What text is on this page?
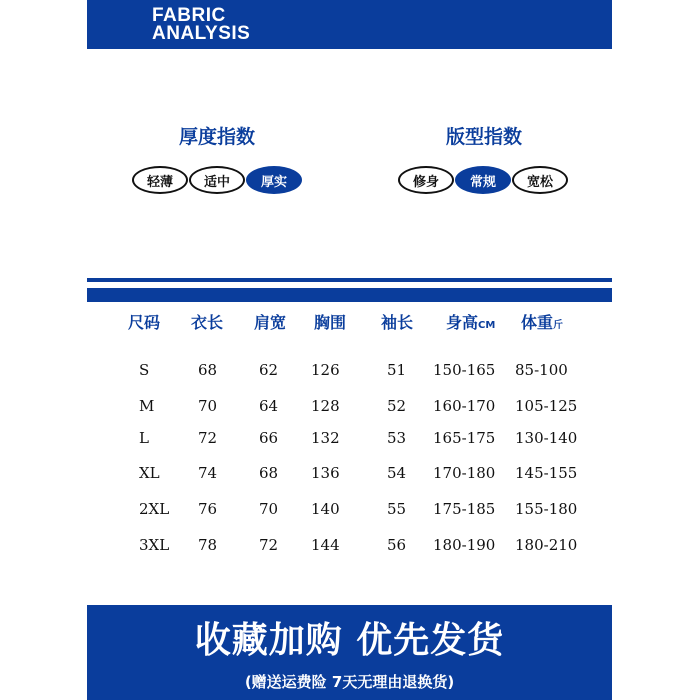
FABRIC
ANALYSIS
厚度指数	版型指数
轻薄	适中	厚实	修身	常规	宽松
尺码 衣长 肩宽 胸围 袖长 身高CM 体重斤
S	68	62 126	51 150-165 85-100
M	70	64 128	52 160-170 105-125
L	72	66 132	53 165-175 130-140
XL	74	68 136	54 170-180 145-155
2XL 76	70 140	55 175-185 155-180
3XL 78	72 144	56 180-190 180-210
收藏加购 优先发货
(赠送运费险 7天无理由退换货)
